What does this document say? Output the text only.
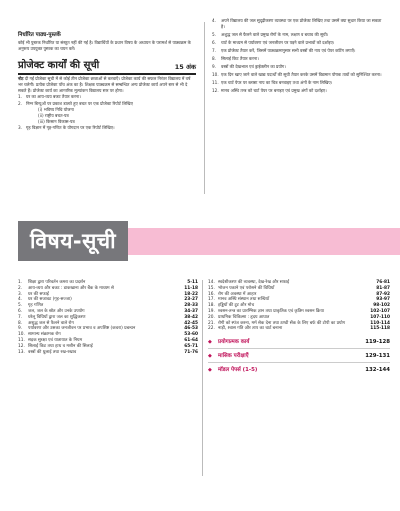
निर्धारित पाठ्य-पुस्तकें
कोई भी पुस्तक निर्धारित या संस्तुत नहीं की गई है। विद्यार्थियों के प्रधान विषय के अध्ययन के परामर्श से पाठ्यक्रम के अनुरूप उपयुक्त पुस्तक का चयन करें।
प्रोजेक्ट कार्यों की सूची	15 अंक
नोट दी गई प्रोजेक्ट सूची में से कोई तीन प्रोजेक्ट छात्राओं से करवाएँ। प्रोजेक्ट कार्य की सफल निरंतर विद्यालय में वर्ष भर चलेगी। प्रत्येक प्रोजेक्ट पाँच अंक का है। शिक्षक पाठ्यक्रम से सम्बन्धित अन्य प्रोजेक्ट कार्य अपने स्तर से भी दे सकते हैं। प्रोजेक्ट कार्य का आन्तरिक मूल्यांकन विद्यालय स्तर पर होगा।
1. घर का आय-व्यय बजट तैयार करना।
2. निम्न बिन्दुओं पर प्रकाश डालते हुए बचत पर एक प्रोजेक्ट रिपोर्ट लिखिए
(i) भविष्य निधि योजना
(ii) राष्ट्रीय बचत-पत्र
(iii) किसान विकास-पत्र
3. गृह विज्ञान में गृह-गणित के योगदान पर एक रिपोर्ट लिखिए।
4.	अपने विद्यालय की जल सुदृढ़ीकरण व्यवस्था पर एक प्रोजेक्ट लिखिए तथा उसमें क्या सुधार किया जा सकता है।
5.	अशुद्ध जल से फैलने वाले प्रमुख रोगों के नाम, लक्षण व बचाव की सूची।
6.	चार्ट के माध्यम से पर्यावरण एवं जनजीवन पर पड़ने वाले प्रभावों को दर्शाइए।
7.	एक प्रोजेक्ट तैयार करें, जिसमें पाठ्यक्रमानुसार सभी वस्त्रों की नाप एवं पेपर कटिंग लगाएँ।
8.	सिलाई किट तैयार करना।
9.	वस्त्रों की देखभाल एवं ड्राईक्लीन का प्रयोग।
10. एक दिन खाए जाने वाले खाद्य पदार्थों की सूची तैयार करके उसमें विद्यमान पोषक तत्वों को सुनिश्चित करना।
11. एक चार्ट पेपर पर ब्लास्ट नाप का चित्र बनवाइए तथा अंगों के नाम लिखिए।
12. मानव अस्थि तन्त्र को चार्ट पेपर पर बनाइए एवं प्रमुख अंगों को दर्शाइए।
विषय-सूची
1.	शिक्षा द्वारा परिवर्तन कमरा का प्रदर्शन	5-11
2.	आय-व्यय और बजट : डाकखाना और बैंक के माध्यम से	11-18
3.	घर की सफाई	18-22
4.	घर की सजावट (गृह-सज्जा)	23-27
5.	गृह गणित	28-33
6.	जल, जल के स्रोत और उनके उपयोग	34-37
7.	घरेलू विधियों द्वारा जल का शुद्धिकरण	38-42
8.	अशुद्ध जल से फैलने वाले रोग	42-45
9.	पर्यावरण और उसका जनजीवन पर प्रभाव व अपशिष्ट (कचरा) प्रबन्धन	46-53
10. सामान्य संक्रामक रोग	53-60
11. सड़क सुरक्षा एवं यातायात के नियम	61-64
12. सिलाई किट तथा हाथ व मशीन की सिलाई	65-71
13. वस्त्रों की धुलाई तथा रख-रखाव	71-76
14. स्वदेशीकरण की व्यवस्था, देख-रेख और सफाई	76-81
15. भोजन पकाने एवं परोसने की विधियाँ	81-87
16. रोग की अवस्था में आहार	87-92
17. मानव अस्थि संस्थान तथा सन्धियाँ	93-97
18. हड्डियों की टूट और मोच	98-102
19. श्वसन-तन्त्र का प्रारम्भिक ज्ञान तथा प्राकृतिक एवं कृत्रिम श्वसन क्रिया	102-107
20. प्राथमिक चिकित्सा : हृदय आघात	107-110
21. रोगी को स्पंज करना, मर्म सेक देना तथा ठण्डी सेंक के लिए बर्फ की टोपी का प्रयोग	110-114
22. नाड़ी, श्वास गति और ताप का चार्ट बनाना	115-118
◆	प्रयोगात्मक कार्य	119-128
◆	मासिक परीक्षाएँ	129-131
◆	मॉडल पेपर्स (1-5)	132-144
